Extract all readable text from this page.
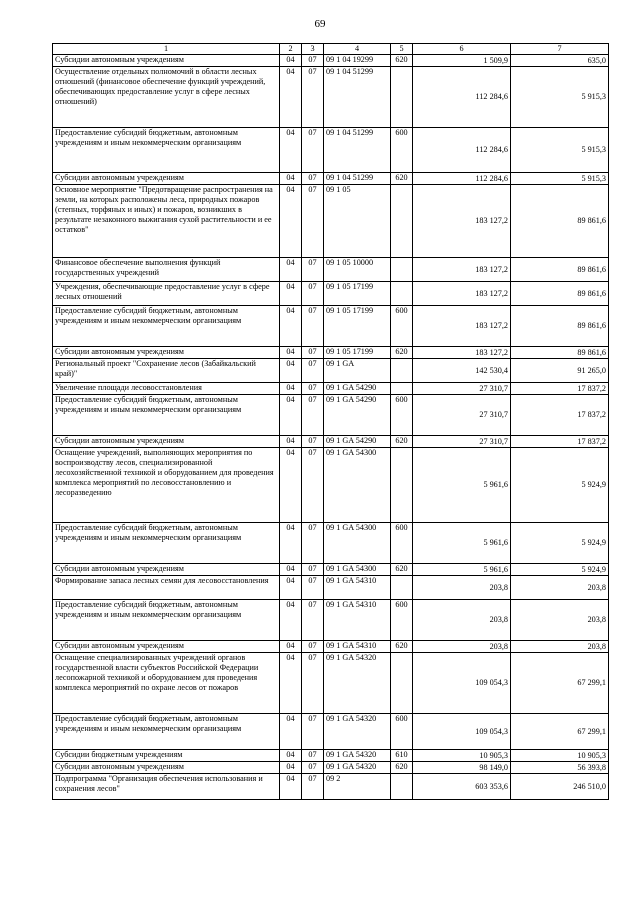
69
1	2	3	4	5	6	7
Субсидии автономным учреждениям	04	07	09 1 04 19299	620	1 509,9	635,0
Осуществление отдельных полномочий в области лесных отношений (финансовое обеспечение функций учреждений, обеспечивающих предоставление услуг в сфере лесных отношений)	04	07	09 1 04 51299		112 284,6	5 915,3
Предоставление субсидий бюджетным, автономным учреждениям и иным некоммерческим организациям	04	07	09 1 04 51299	600	112 284,6	5 915,3
Субсидии автономным учреждениям	04	07	09 1 04 51299	620	112 284,6	5 915,3
Основное мероприятие "Предотвращение распространения на земли, на которых расположены леса, природных пожаров (степных, торфяных и иных) и пожаров, возникших в результате незаконного выжигания сухой растительности и ее остатков"	04	07	09 1 05		183 127,2	89 861,6
Финансовое обеспечение выполнения функций государственных учреждений	04	07	09 1 05 10000		183 127,2	89 861,6
Учреждения, обеспечивающие предоставление услуг в сфере лесных отношений	04	07	09 1 05 17199		183 127,2	89 861,6
Предоставление субсидий бюджетным, автономным учреждениям и иным некоммерческим организациям	04	07	09 1 05 17199	600	183 127,2	89 861,6
Субсидии автономным учреждениям	04	07	09 1 05 17199	620	183 127,2	89 861,6
Региональный проект "Сохранение лесов (Забайкальский край)"	04	07	09 1 GA		142 530,4	91 265,0
Увеличение площади лесовосстановления	04	07	09 1 GA 54290		27 310,7	17 837,2
Предоставление субсидий бюджетным, автономным учреждениям и иным некоммерческим организациям	04	07	09 1 GA 54290	600	27 310,7	17 837,2
Субсидии автономным учреждениям	04	07	09 1 GA 54290	620	27 310,7	17 837,2
Оснащение учреждений, выполняющих мероприятия по воспроизводству лесов, специализированной лесохозяйственной техникой и оборудованием для проведения комплекса мероприятий по лесовосстановлению и лесоразведению	04	07	09 1 GA 54300		5 961,6	5 924,9
Предоставление субсидий бюджетным, автономным учреждениям и иным некоммерческим организациям	04	07	09 1 GA 54300	600	5 961,6	5 924,9
Субсидии автономным учреждениям	04	07	09 1 GA 54300	620	5 961,6	5 924,9
Формирование запаса лесных семян для лесовосстановления	04	07	09 1 GA 54310		203,8	203,8
Предоставление субсидий бюджетным, автономным учреждениям и иным некоммерческим организациям	04	07	09 1 GA 54310	600	203,8	203,8
Субсидии автономным учреждениям	04	07	09 1 GA 54310	620	203,8	203,8
Оснащение специализированных учреждений органов государственной власти субъектов Российской Федерации лесопожарной техникой и оборудованием для проведения комплекса мероприятий по охране лесов от пожаров	04	07	09 1 GA 54320		109 054,3	67 299,1
Предоставление субсидий бюджетным, автономным учреждениям и иным некоммерческим организациям	04	07	09 1 GA 54320	600	109 054,3	67 299,1
Субсидии бюджетным учреждениям	04	07	09 1 GA 54320	610	10 905,3	10 905,3
Субсидии автономным учреждениям	04	07	09 1 GA 54320	620	98 149,0	56 393,8
Подпрограмма "Организация обеспечения использования и сохранения лесов"	04	07	09 2		603 353,6	246 510,0
